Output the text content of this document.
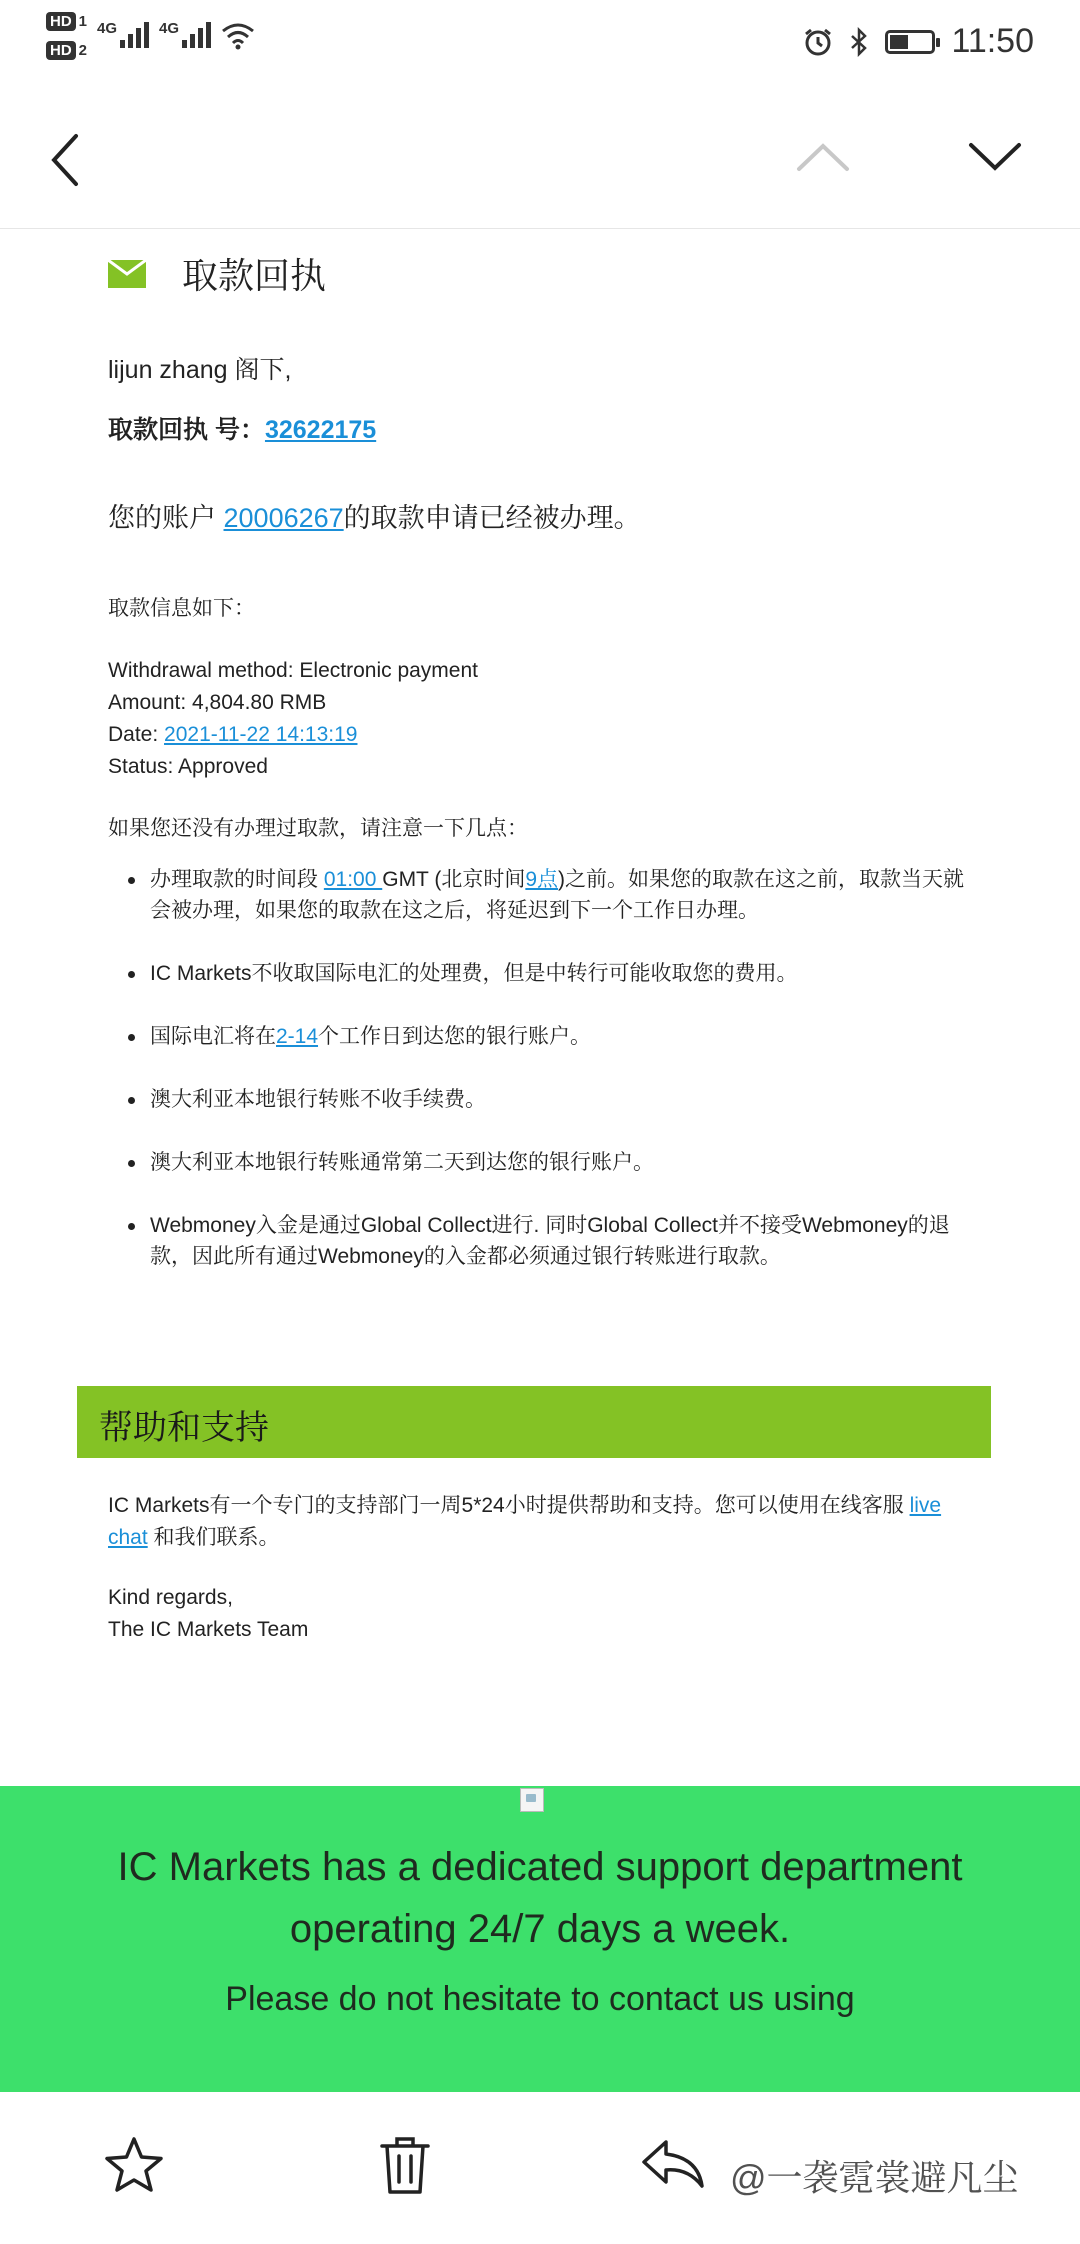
HD 1
HD 2
4G	4G	11:50
取款回执
lijun zhang 阁下,
取款回执 号：32622175
您的账户 20006267的取款申请已经被办理。
取款信息如下：
Withdrawal method: Electronic payment
Amount: 4,804.80 RMB
Date: 2021-11-22 14:13:19
Status: Approved
如果您还没有办理过取款，请注意一下几点：
办理取款的时间段 01:00 GMT (北京时间9点)之前。如果您的取款在这之前，取款当天就会被办理，如果您的取款在这之后，将延迟到下一个工作日办理。
IC Markets不收取国际电汇的处理费，但是中转行可能收取您的费用。
国际电汇将在2-14个工作日到达您的银行账户。
澳大利亚本地银行转账不收手续费。
澳大利亚本地银行转账通常第二天到达您的银行账户。
Webmoney入金是通过Global Collect进行. 同时Global Collect并不接受Webmoney的退款，因此所有通过Webmoney的入金都必须通过银行转账进行取款。
帮助和支持
IC Markets有一个专门的支持部门一周5*24小时提供帮助和支持。您可以使用在线客服 live chat 和我们联系。
Kind regards,
The IC Markets Team
IC Markets has a dedicated support department operating 24/7 days a week.
Please do not hesitate to contact us using
@一袭霓裳避凡尘
